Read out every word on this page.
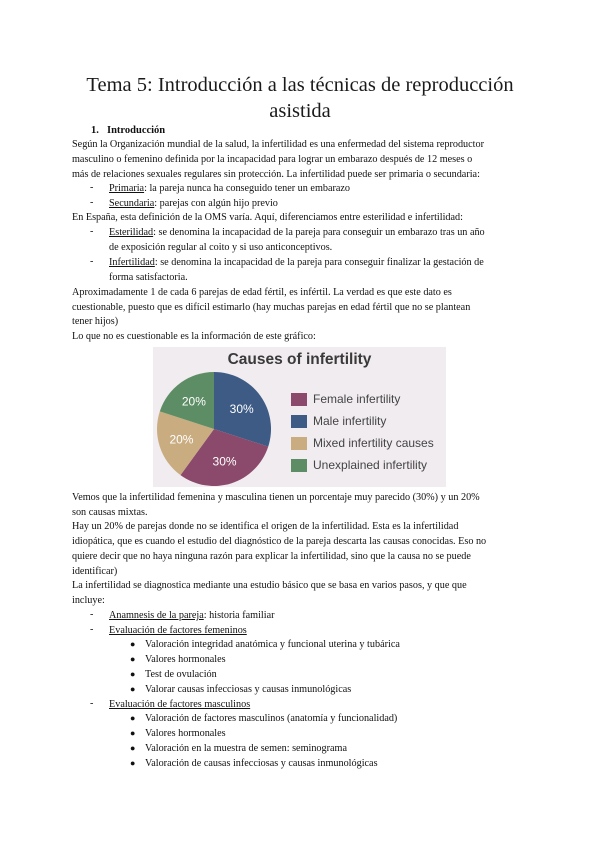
Tema 5: Introducción a las técnicas de reproducción asistida
1. Introducción
Según la Organización mundial de la salud, la infertilidad es una enfermedad del sistema reproductor
masculino o femenino definida por la incapacidad para lograr un embarazo después de 12 meses o
más de relaciones sexuales regulares sin protección. La infertilidad puede ser primaria o secundaria:
- Primaria: la pareja nunca ha conseguido tener un embarazo
- Secundaria: parejas con algún hijo previo
En España, esta definición de la OMS varía. Aquí, diferenciamos entre esterilidad e infertilidad:
- Esterilidad: se denomina la incapacidad de la pareja para conseguir un embarazo tras un año
de exposición regular al coito y si uso anticonceptivos.
- Infertilidad: se denomina la incapacidad de la pareja para conseguir finalizar la gestación de
forma satisfactoria.
Aproximadamente 1 de cada 6 parejas de edad fértil, es infértil. La verdad es que este dato es
cuestionable, puesto que es difícil estimarlo (hay muchas parejas en edad fértil que no se plantean
tener hijos)
Lo que no es cuestionable es la información de este gráfico:
Causes of infertility
30%
30%
20%
20%	Female infertility
Male infertility
Mixed infertility causes
Unexplained infertility
Vemos que la infertilidad femenina y masculina tienen un porcentaje muy parecido (30%) y un 20%
son causas mixtas.
Hay un 20% de parejas donde no se identifica el origen de la infertilidad. Esta es la infertilidad
idiopática, que es cuando el estudio del diagnóstico de la pareja descarta las causas conocidas. Eso no
quiere decir que no haya ninguna razón para explicar la infertilidad, sino que la causa no se puede
identificar)
La infertilidad se diagnostica mediante una estudio básico que se basa en varios pasos, y que que
incluye:
- Anamnesis de la pareja: historia familiar
- Evaluación de factores femeninos
● Valoración integridad anatómica y funcional uterina y tubárica
● Valores hormonales
● Test de ovulación
● Valorar causas infecciosas y causas inmunológicas
- Evaluación de factores masculinos
● Valoración de factores masculinos (anatomía y funcionalidad)
● Valores hormonales
● Valoración en la muestra de semen: seminograma
● Valoración de causas infecciosas y causas inmunológicas
